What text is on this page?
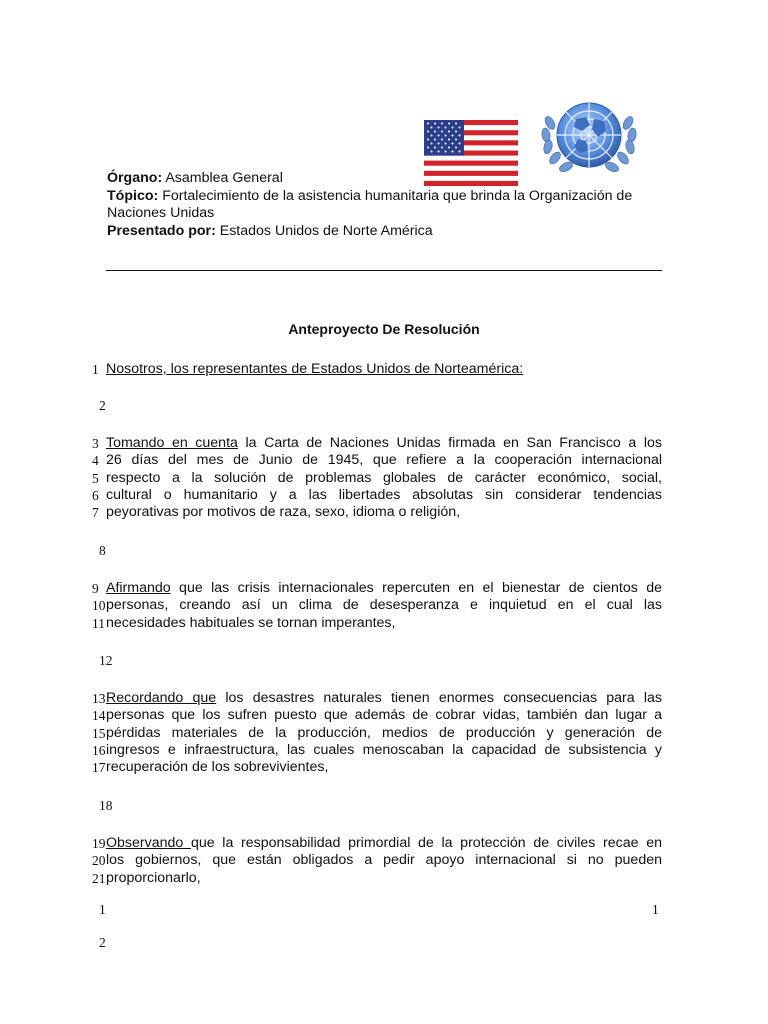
Órgano: Asamblea General
Tópico: Fortalecimiento de la asistencia humanitaria que brinda la Organización de Naciones Unidas
Presentado por: Estados Unidos de Norte América
Anteproyecto De Resolución
1 Nosotros, los representantes de Estados Unidos de Norteamérica:
2
3 Tomando en cuenta la Carta de Naciones Unidas firmada en San Francisco a los
4 26 días del mes de Junio de 1945, que refiere a la cooperación internacional
5 respecto a la solución de problemas globales de carácter económico, social,
6 cultural o humanitario y a las libertades absolutas sin considerar tendencias
7 peyorativas por motivos de raza, sexo, idioma o religión,
8
9 Afirmando que las crisis internacionales repercuten en el bienestar de cientos de
10 personas, creando así un clima de desesperanza e inquietud en el cual las
11 necesidades habituales se tornan imperantes,
12
13 Recordando que los desastres naturales tienen enormes consecuencias para las
14 personas que los sufren puesto que además de cobrar vidas, también dan lugar a
15 pérdidas materiales de la producción, medios de producción y generación de
16 ingresos e infraestructura, las cuales menoscaban la capacidad de subsistencia y
17 recuperación de los sobrevivientes,
18
19 Observando que la responsabilidad primordial de la protección de civiles recae en
20 los gobiernos, que están obligados a pedir apoyo internacional si no pueden
21 proporcionarlo,
1	1
2
